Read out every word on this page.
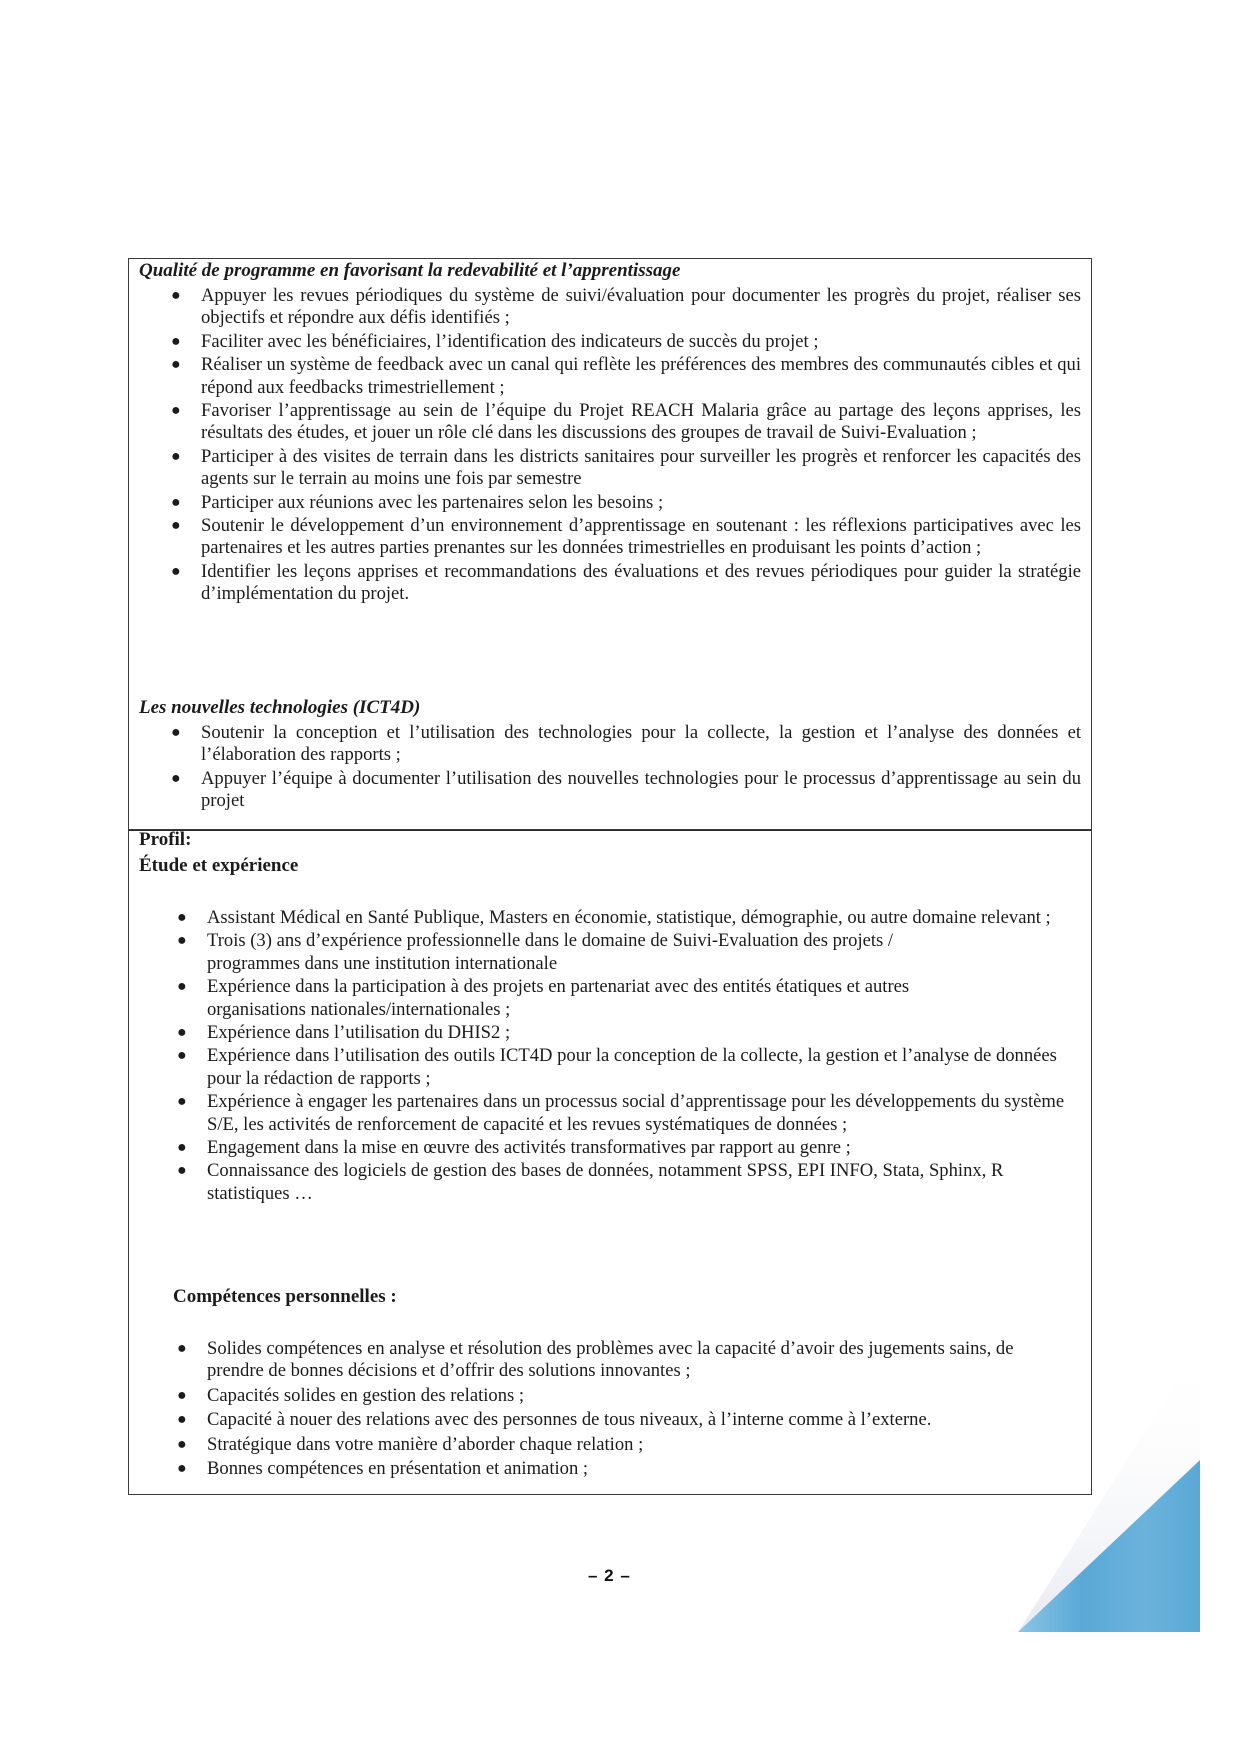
Qualité de programme en favorisant la redevabilité et l’apprentissage
● Appuyer les revues périodiques du système de suivi/évaluation pour documenter les progrès du projet, réaliser ses objectifs et répondre aux défis identifiés ;
● Faciliter avec les bénéficiaires, l’identification des indicateurs de succès du projet ;
● Réaliser un système de feedback avec un canal qui reflète les préférences des membres des communautés cibles et qui répond aux feedbacks trimestriellement ;
● Favoriser l’apprentissage au sein de l’équipe du Projet REACH Malaria grâce au partage des leçons apprises, les résultats des études, et jouer un rôle clé dans les discussions des groupes de travail de Suivi-Evaluation ;
● Participer à des visites de terrain dans les districts sanitaires pour surveiller les progrès et renforcer les capacités des agents sur le terrain au moins une fois par semestre
● Participer aux réunions avec les partenaires selon les besoins ;
● Soutenir le développement d’un environnement d’apprentissage en soutenant : les réflexions participatives avec les partenaires et les autres parties prenantes sur les données trimestrielles en produisant les points d’action ;
● Identifier les leçons apprises et recommandations des évaluations et des revues périodiques pour guider la stratégie d’implémentation du projet.
Les nouvelles technologies (ICT4D)
● Soutenir la conception et l’utilisation des technologies pour la collecte, la gestion et l’analyse des données et l’élaboration des rapports ;
● Appuyer l’équipe à documenter l’utilisation des nouvelles technologies pour le processus d’apprentissage au sein du projet
Profil:
Étude et expérience
● Assistant Médical en Santé Publique, Masters en économie, statistique, démographie, ou autre domaine relevant ;
● Trois (3) ans d’expérience professionnelle dans le domaine de Suivi-Evaluation des projets / programmes dans une institution internationale
● Expérience dans la participation à des projets en partenariat avec des entités étatiques et autres organisations nationales/internationales ;
● Expérience dans l’utilisation du DHIS2 ;
● Expérience dans l’utilisation des outils ICT4D pour la conception de la collecte, la gestion et l’analyse de données pour la rédaction de rapports ;
● Expérience à engager les partenaires dans un processus social d’apprentissage pour les développements du système S/E, les activités de renforcement de capacité et les revues systématiques de données ;
● Engagement dans la mise en œuvre des activités transformatives par rapport au genre ;
● Connaissance des logiciels de gestion des bases de données, notamment SPSS, EPI INFO, Stata, Sphinx, R statistiques …
Compétences personnelles :
● Solides compétences en analyse et résolution des problèmes avec la capacité d’avoir des jugements sains, de prendre de bonnes décisions et d’offrir des solutions innovantes ;
● Capacités solides en gestion des relations ;
● Capacité à nouer des relations avec des personnes de tous niveaux, à l’interne comme à l’externe.
● Stratégique dans votre manière d’aborder chaque relation ;
● Bonnes compétences en présentation et animation ;
– 2 –
